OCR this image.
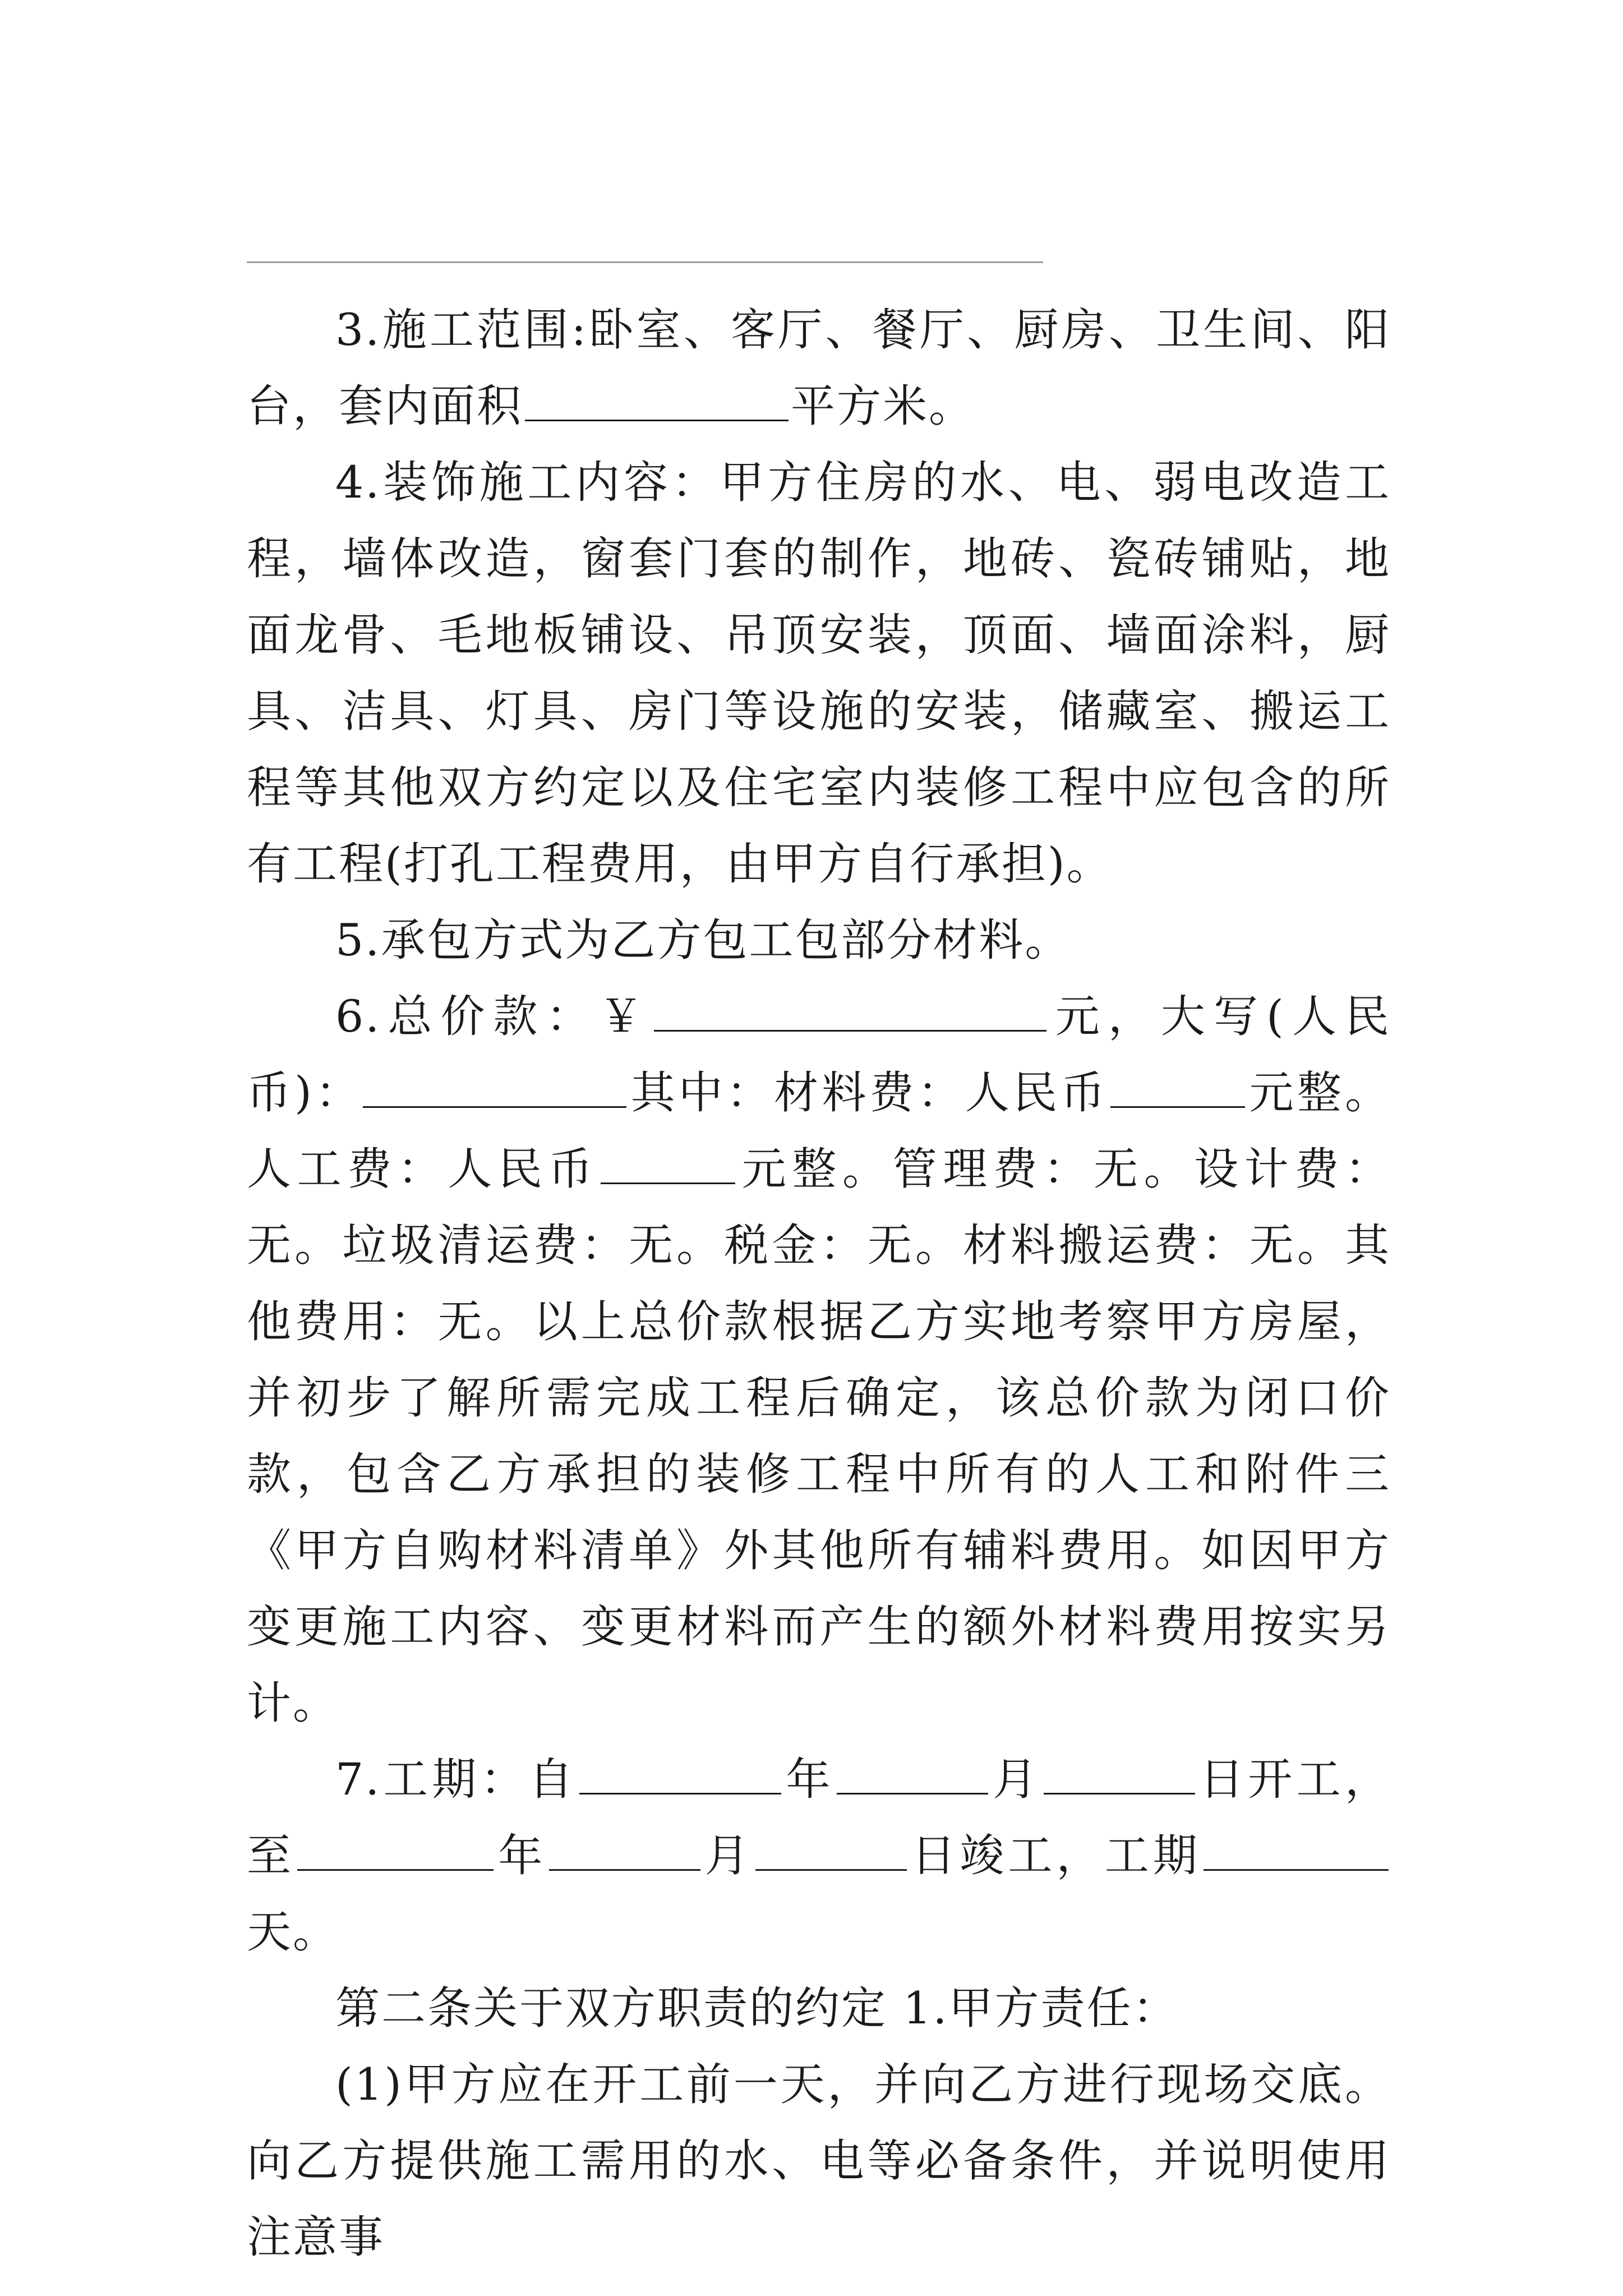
3.施工范围:卧室、客厅、餐厅、厨房、卫生间、阳台，套内面积	平方米。

4.装饰施工内容：甲方住房的水、电、弱电改造工程，墙体改造，窗套门套的制作，地砖、瓷砖铺贴，地面龙骨、毛地板铺设、吊顶安装，顶面、墙面涂料，厨具、洁具、灯具、房门等设施的安装，储藏室、搬运工程等其他双方约定以及住宅室内装修工程中应包含的所有工程(打孔工程费用，由甲方自行承担)。

5.承包方式为乙方包工包部分材料。

6.总价款：￥	元，大写(人民币)：	其中：材料费：人民币	元整。人工费：人民币	元整。管理费：无。设计费：无。垃圾清运费：无。税金：无。材料搬运费：无。其他费用：无。以上总价款根据乙方实地考察甲方房屋，并初步了解所需完成工程后确定，该总价款为闭口价款，包含乙方承担的装修工程中所有的人工和附件三《甲方自购材料清单》外其他所有辅料费用。如因甲方变更施工内容、变更材料而产生的额外材料费用按实另计。

7.工期：自	年	月	日开工，至	年	月	日竣工，工期天。

第二条关于双方职责的约定 1.甲方责任：

(1)甲方应在开工前一天，并向乙方进行现场交底。向乙方提供施工需用的水、电等必备条件，并说明使用注意事
